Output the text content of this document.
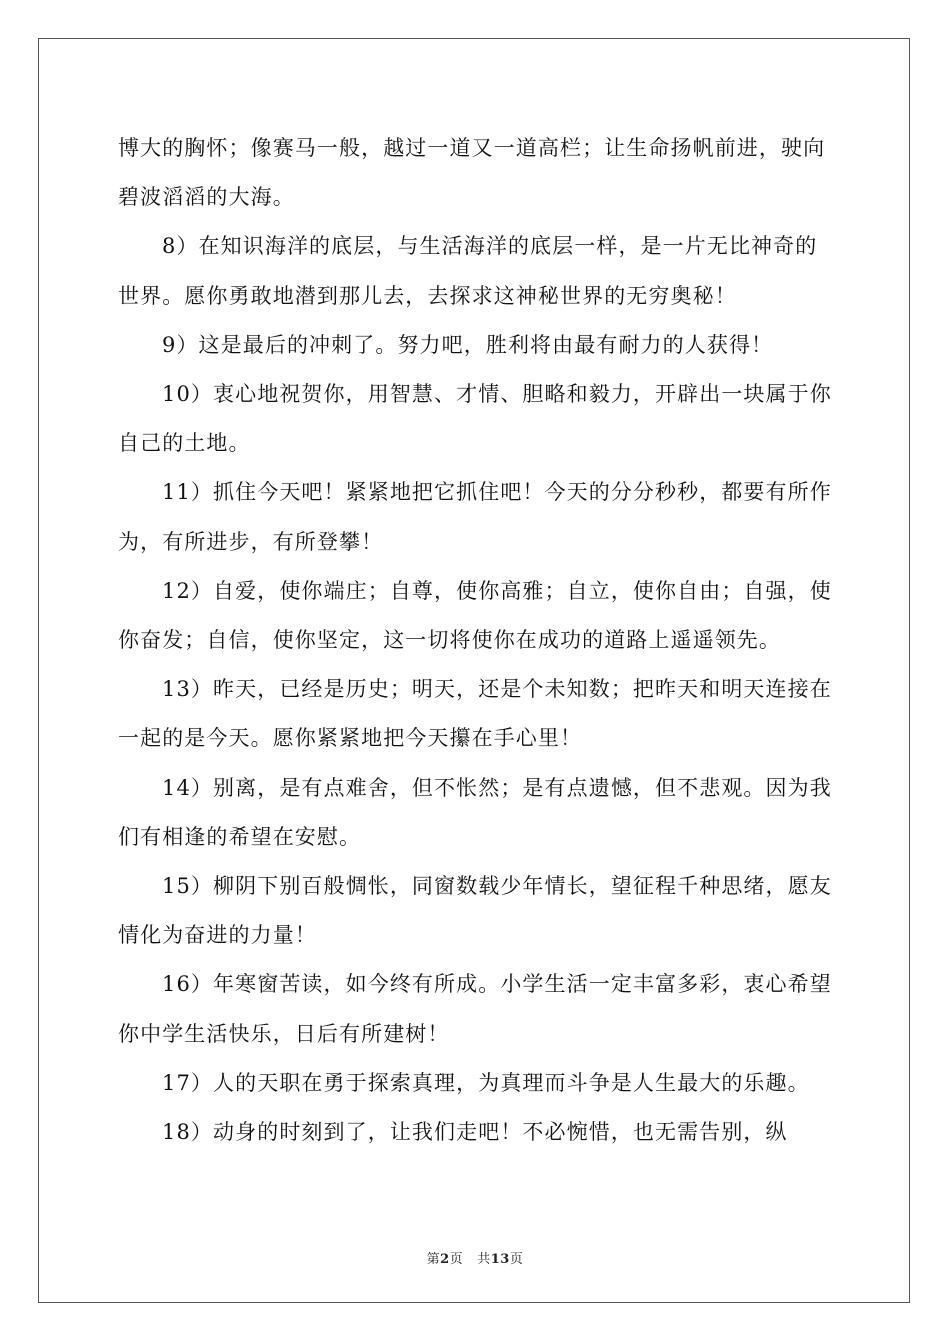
博大的胸怀；像赛马一般，越过一道又一道高栏；让生命扬帆前进，驶向碧波滔滔的大海。

8）在知识海洋的底层，与生活海洋的底层一样，是一片无比神奇的世界。愿你勇敢地潜到那儿去，去探求这神秘世界的无穷奥秘！

9）这是最后的冲刺了。努力吧，胜利将由最有耐力的人获得！

10）衷心地祝贺你，用智慧、才情、胆略和毅力，开辟出一块属于你自己的土地。

11）抓住今天吧！紧紧地把它抓住吧！今天的分分秒秒，都要有所作为，有所进步，有所登攀！

12）自爱，使你端庄；自尊，使你高雅；自立，使你自由；自强，使你奋发；自信，使你坚定，这一切将使你在成功的道路上遥遥领先。

13）昨天，已经是历史；明天，还是个未知数；把昨天和明天连接在一起的是今天。愿你紧紧地把今天攥在手心里！

14）别离，是有点难舍，但不怅然；是有点遗憾，但不悲观。因为我们有相逢的希望在安慰。

15）柳阴下别百般惆怅，同窗数载少年情长，望征程千种思绪，愿友情化为奋进的力量！

16）年寒窗苦读，如今终有所成。小学生活一定丰富多彩，衷心希望你中学生活快乐，日后有所建树！

17）人的天职在勇于探索真理，为真理而斗争是人生最大的乐趣。

18）动身的时刻到了，让我们走吧！不必惋惜，也无需告别，纵

第2页 共13页
